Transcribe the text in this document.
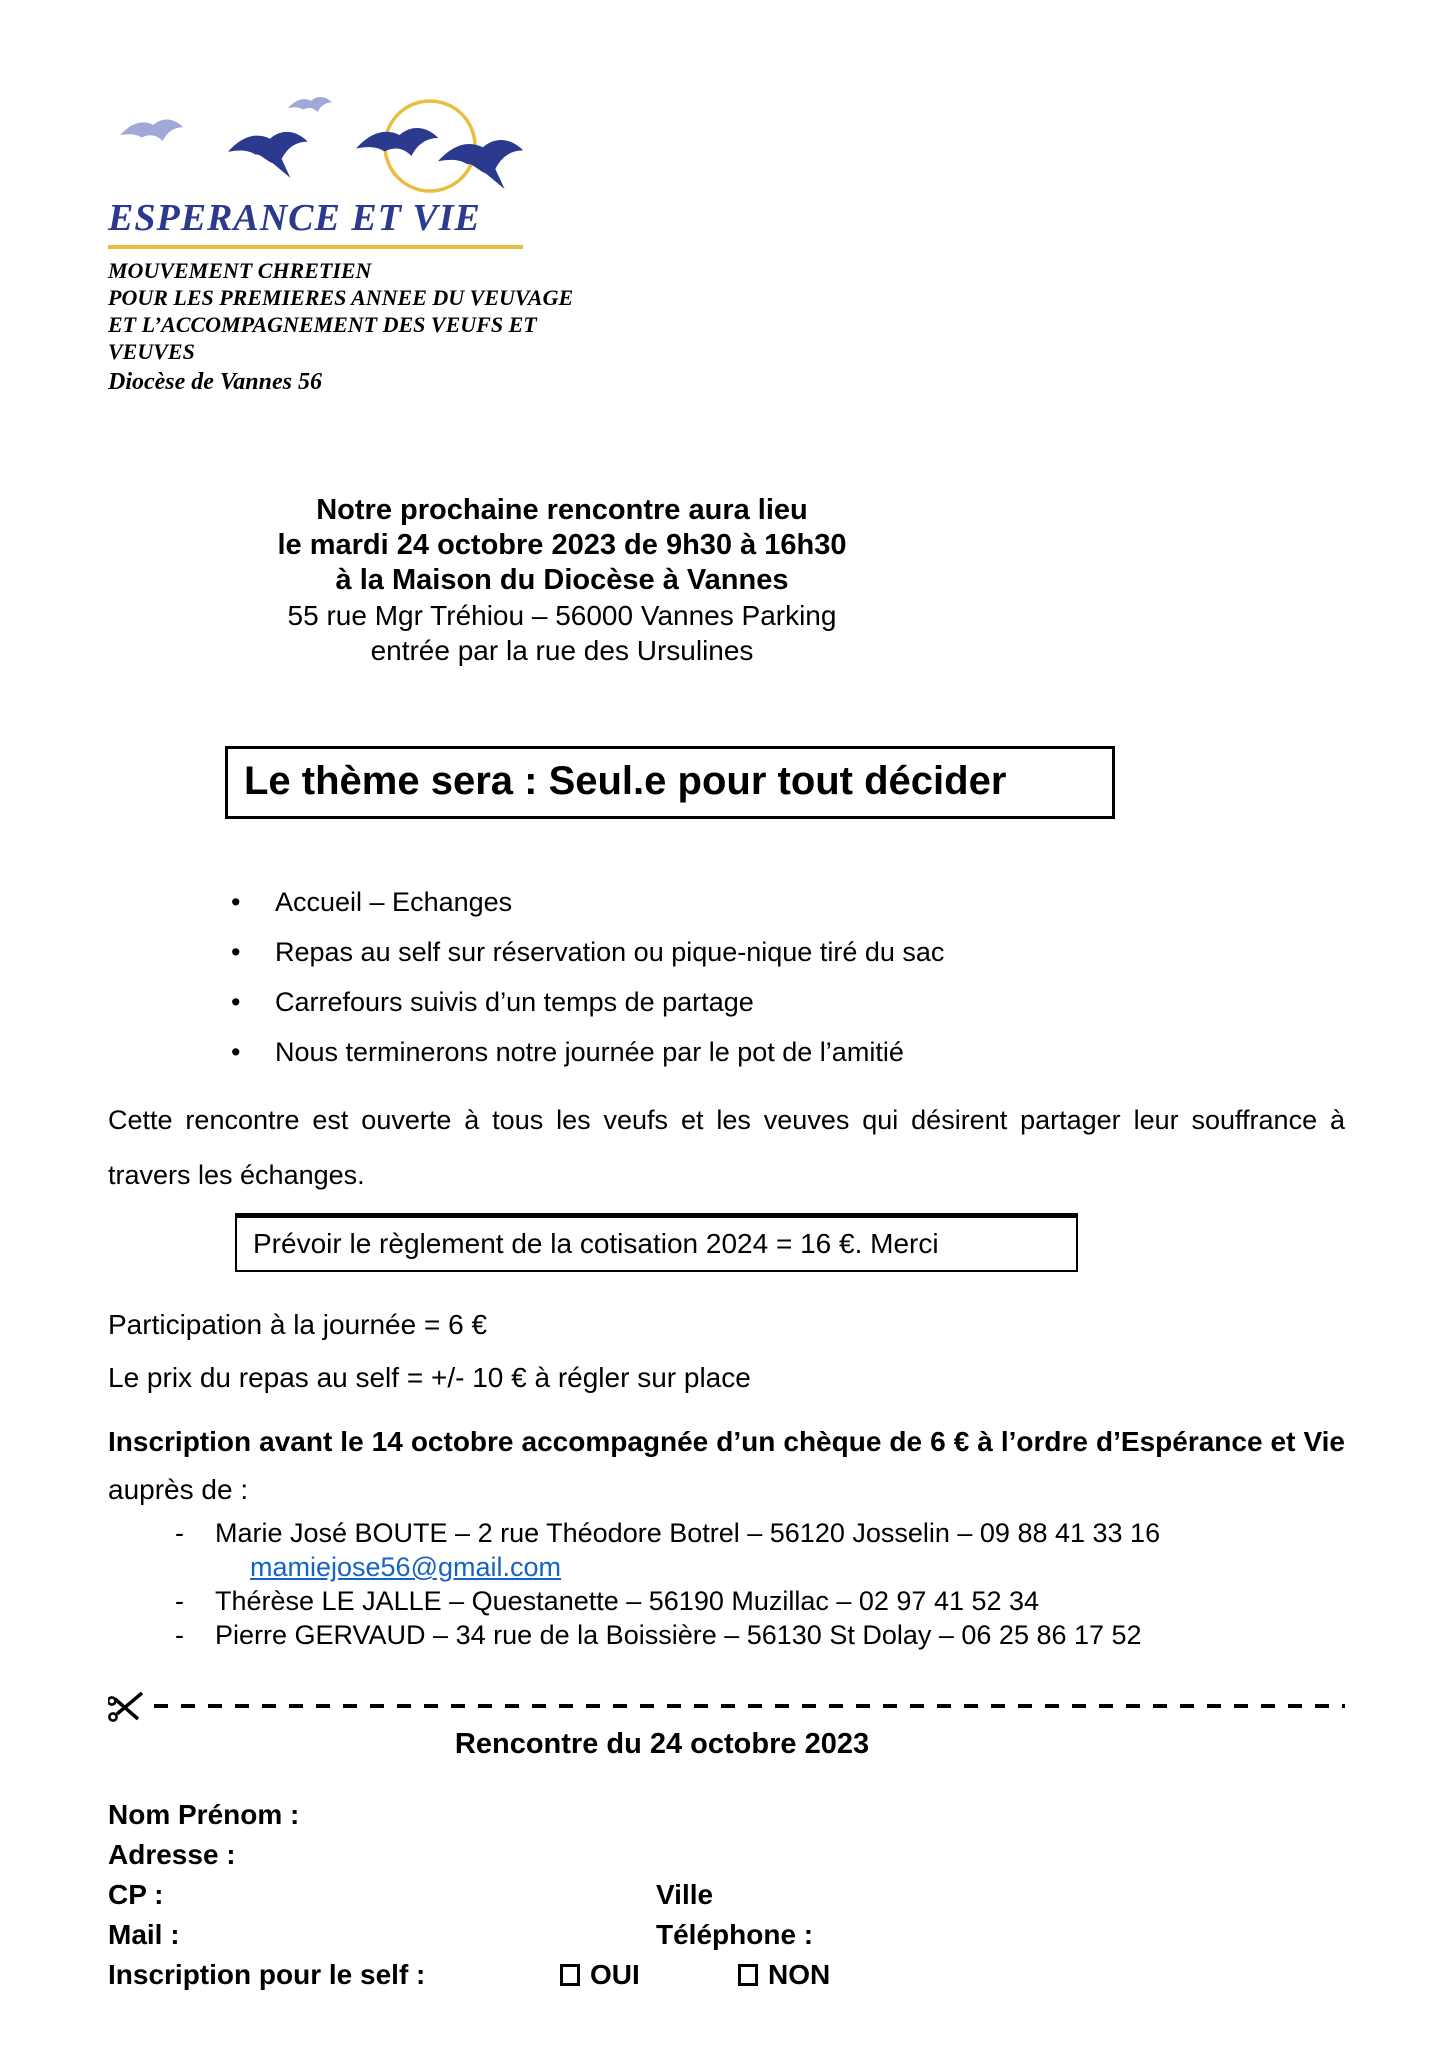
ESPERANCE ET VIE
MOUVEMENT CHRETIEN
POUR LES PREMIERES ANNEE DU VEUVAGE
ET L’ACCOMPAGNEMENT DES VEUFS ET VEUVES
Diocèse de Vannes 56
Notre prochaine rencontre aura lieu
le mardi 24 octobre 2023 de 9h30 à 16h30
à la Maison du Diocèse à Vannes
55 rue Mgr Tréhiou – 56000 Vannes Parking
entrée par la rue des Ursulines
Le thème sera : Seul.e pour tout décider
• Accueil – Echanges
• Repas au self sur réservation ou pique-nique tiré du sac
• Carrefours suivis d’un temps de partage
• Nous terminerons notre journée par le pot de l’amitié
Cette rencontre est ouverte à tous les veufs et les veuves qui désirent partager leur souffrance à travers les échanges.
Prévoir le règlement de la cotisation 2024 = 16 €. Merci
Participation à la journée = 6 €
Le prix du repas au self = +/- 10 € à régler sur place
Inscription avant le 14 octobre accompagnée d’un chèque de 6 € à l’ordre d’Espérance et Vie auprès de :
- Marie José BOUTE – 2 rue Théodore Botrel – 56120 Josselin – 09 88 41 33 16
mamiejose56@gmail.com
- Thérèse LE JALLE – Questanette – 56190 Muzillac – 02 97 41 52 34
- Pierre GERVAUD – 34 rue de la Boissière – 56130 St Dolay – 06 25 86 17 52
Rencontre du 24 octobre 2023
Nom Prénom :
Adresse :
CP :	Ville
Mail :	Téléphone :
Inscription pour le self :	OUI	NON
